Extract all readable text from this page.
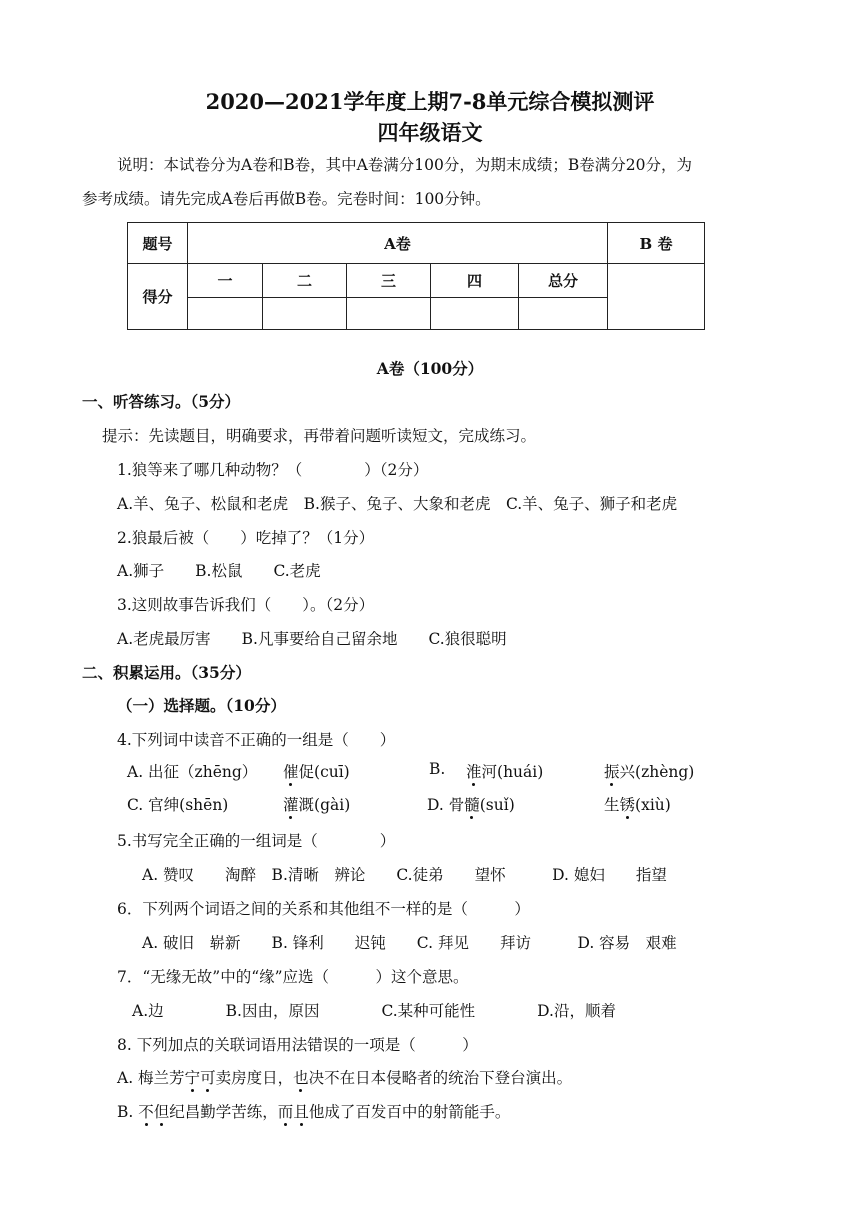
2020—2021学年度上期7-8单元综合模拟测评
四年级语文
说明：本试卷分为A卷和B卷，其中A卷满分100分，为期末成绩；B卷满分20分，为
参考成绩。请先完成A卷后再做B卷。完卷时间：100分钟。
题号	A卷					B 卷
得分	一	二	三	四	总分	

A卷（100分）
一、听答练习。（5分）
提示：先读题目，明确要求，再带着问题听读短文，完成练习。
1.狼等来了哪几种动物？（　　　　）（2分）
A.羊、兔子、松鼠和老虎　B.猴子、兔子、大象和老虎　C.羊、兔子、狮子和老虎
2.狼最后被（　　）吃掉了？（1分）
A.狮子　　B.松鼠　　C.老虎
3.这则故事告诉我们（　　）。（2分）
A.老虎最厉害　　B.凡事要给自己留余地　　C.狼很聪明
二、积累运用。（35分）
（一）选择题。（10分）
4.下列词中读音不正确的一组是（　　）
A. 出征（zhēng） 催促(cuī)	B. 淮河(huái)	振兴(zhèng)
C. 官绅(shēn)	灌溉(gài)	D. 骨髓(suǐ)	生锈(xiù)
5.书写完全正确的一组词是（　　　　）
A. 赞叹　　淘醉　B.清晰　辨论　　C.徒弟　　望怀　　　D. 媳妇　　指望
6．下列两个词语之间的关系和其他组不一样的是（　　　）
A. 破旧　崭新　　B. 锋利　　迟钝　　C. 拜见　　拜访　　　D. 容易　艰难
7．“无缘无故”中的“缘”应选（　　　）这个意思。
A.边　　　　B.因由，原因　　　　C.某种可能性　　　　D.沿，顺着
8. 下列加点的关联词语用法错误的一项是（　　　）
A. 梅兰芳宁可卖房度日，也决不在日本侵略者的统治下登台演出。
B. 不但纪昌勤学苦练，而且他成了百发百中的射箭能手。
